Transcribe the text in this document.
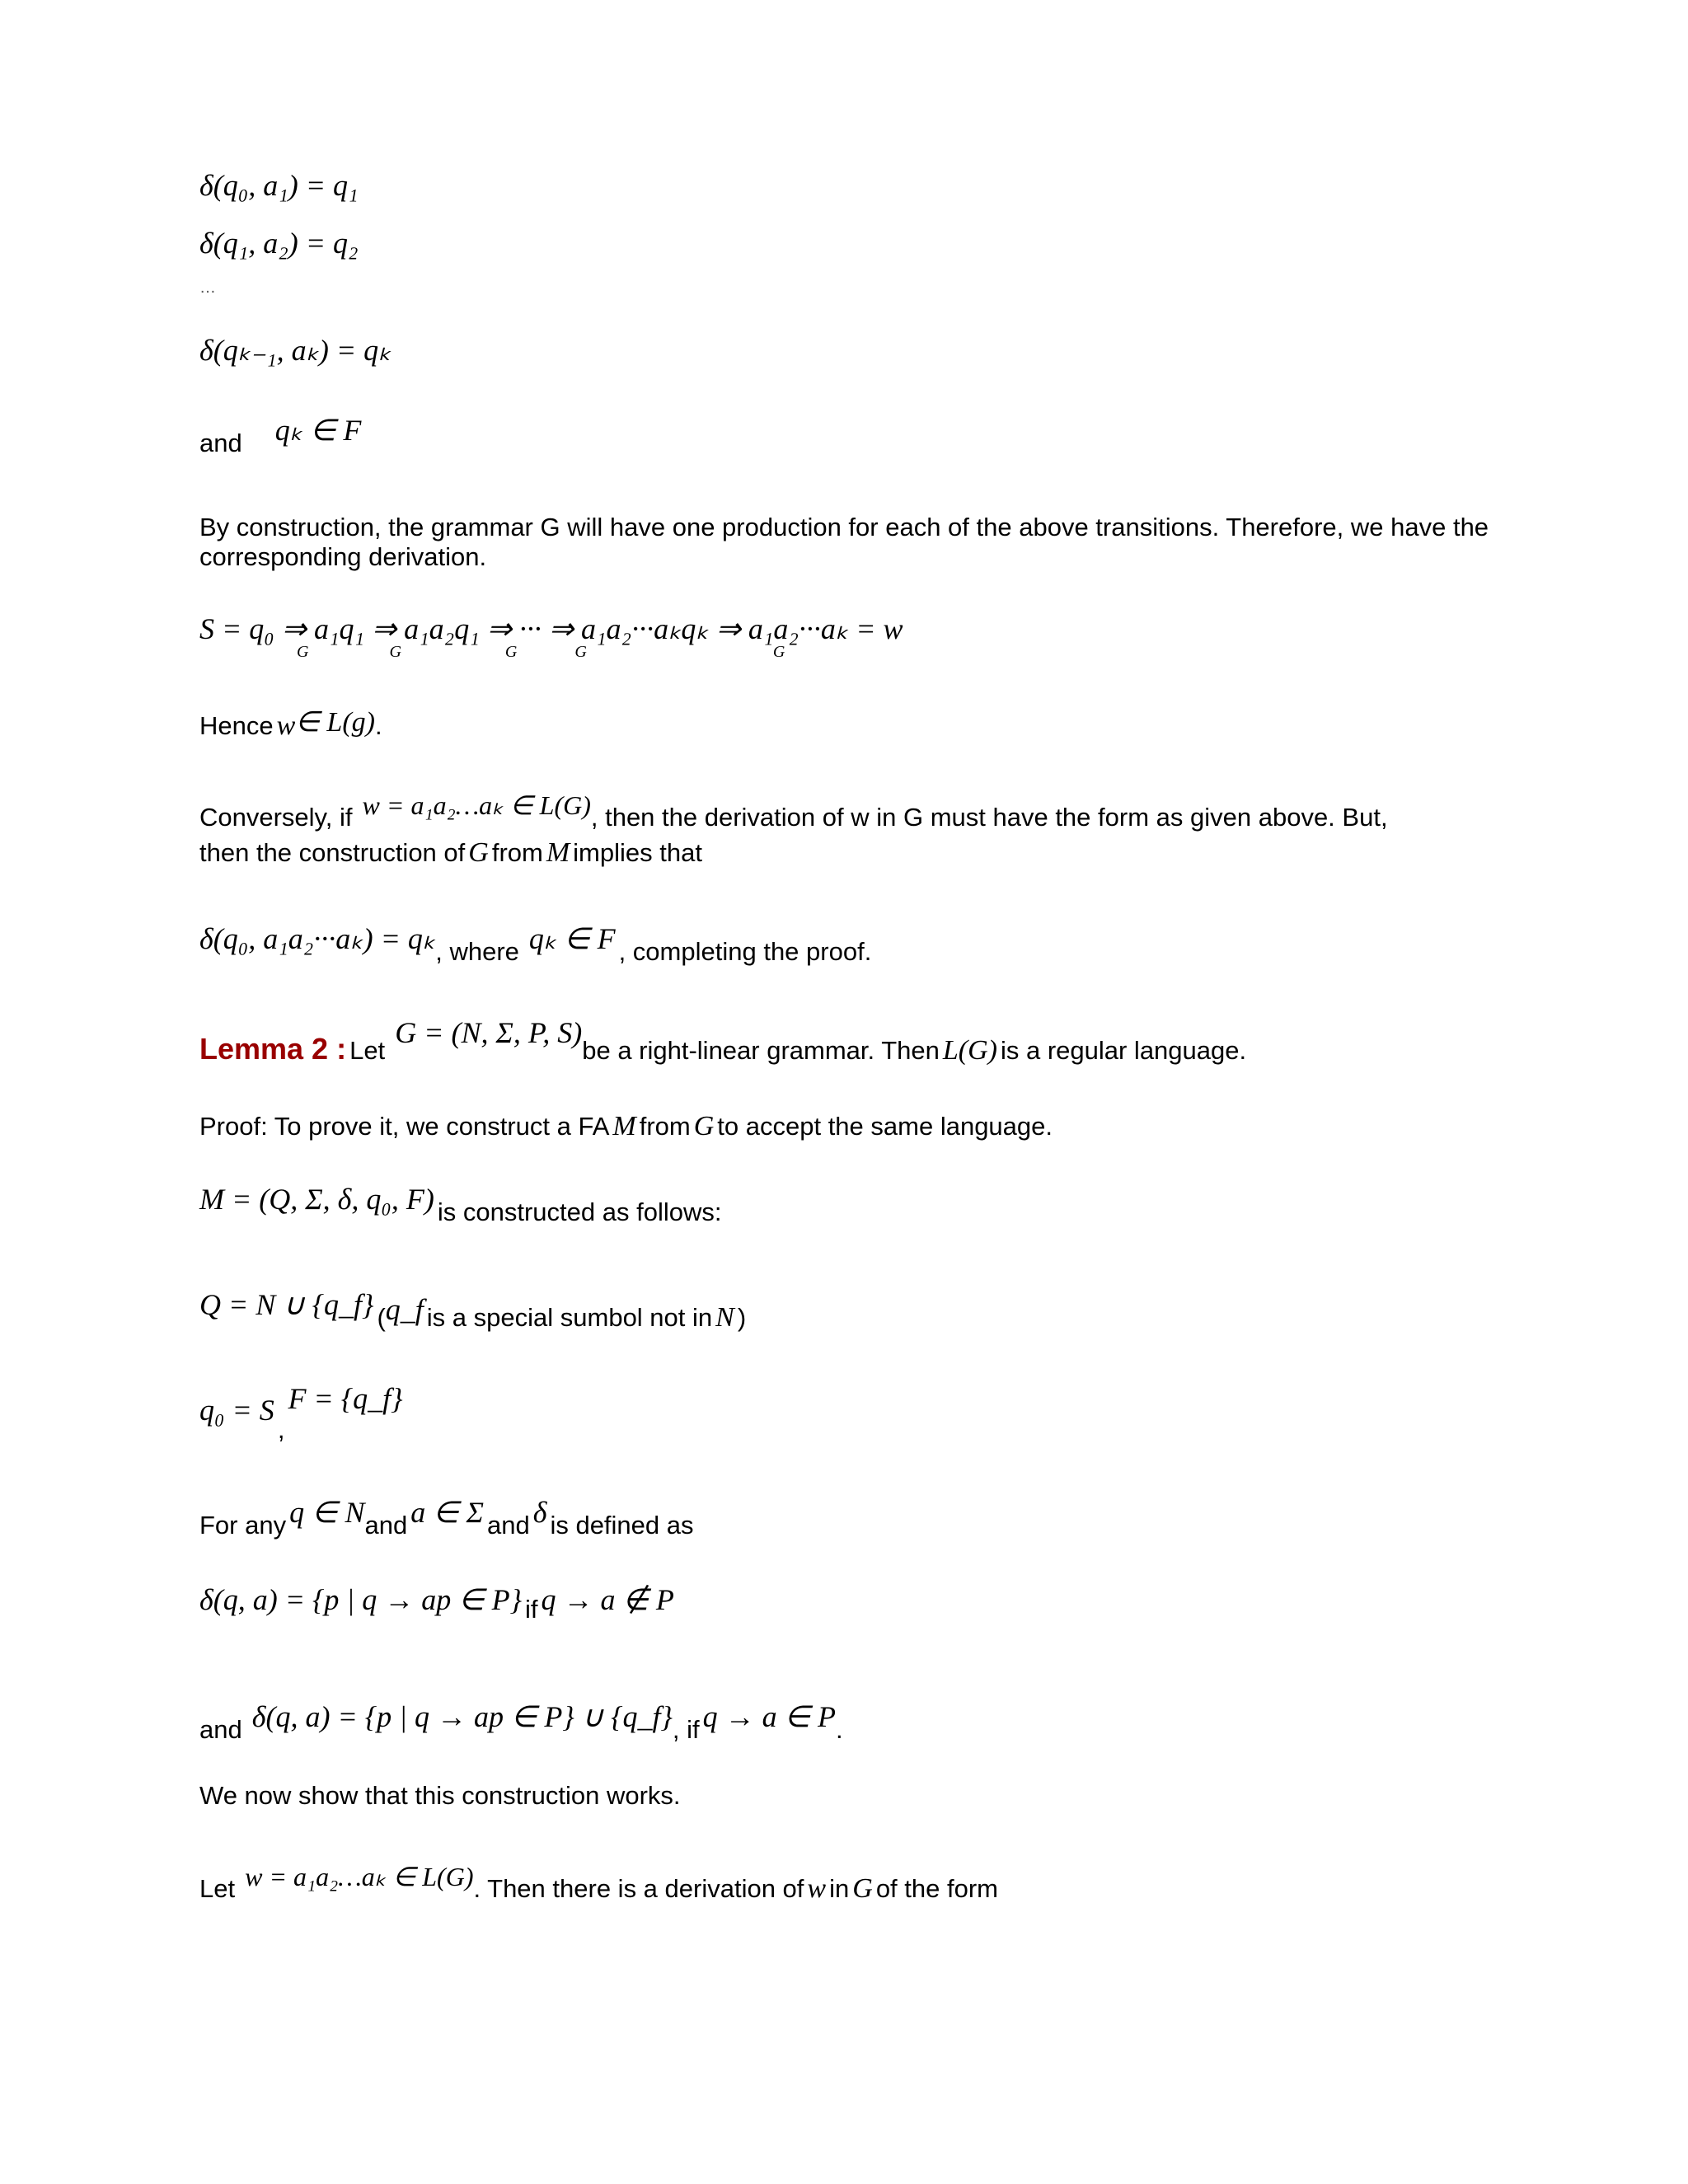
δ(q₀, a₁) = q₁
δ(q₁, a₂) = q₂
…
δ(qₖ₋₁, aₖ) = qₖ
and qₖ ∈ F
By construction, the grammar G will have one production for each of the above transitions. Therefore, we have the corresponding derivation.
S = q₀ ⇒ a₁q₁ ⇒ a₁a₂q₁ ⇒ ··· ⇒ a₁a₂···aₖqₖ ⇒ a₁a₂···aₖ = w
G	G	G	G	G
Hence w∈ L(g).
Conversely, if w = a₁a₂…aₖ ∈ L(G), then the derivation of w in G must have the form as given above. But,
then the construction of G from M implies that
δ(q₀, a₁a₂···aₖ) = qₖ, where qₖ ∈ F , completing the proof.
Lemma 2 : Let G = (N, Σ, P, S)be a right-linear grammar. Then L(G) is a regular language.
Proof: To prove it, we construct a FA M from G to accept the same language.
M = (Q, Σ, δ, q₀, F) is constructed as follows:
Q = N ∪ {q_f} (q_f is a special sumbol not in N )
q₀ = S , F = {q_f}
For any q ∈ Nand a ∈ Σ and δ is defined as
δ(q, a) = {p | q → ap ∈ P} if q → a ∉ P
and δ(q, a) = {p | q → ap ∈ P} ∪ {q_f}, if q → a ∈ P.
We now show that this construction works.
Let w = a₁a₂…aₖ ∈ L(G). Then there is a derivation of w in G of the form
